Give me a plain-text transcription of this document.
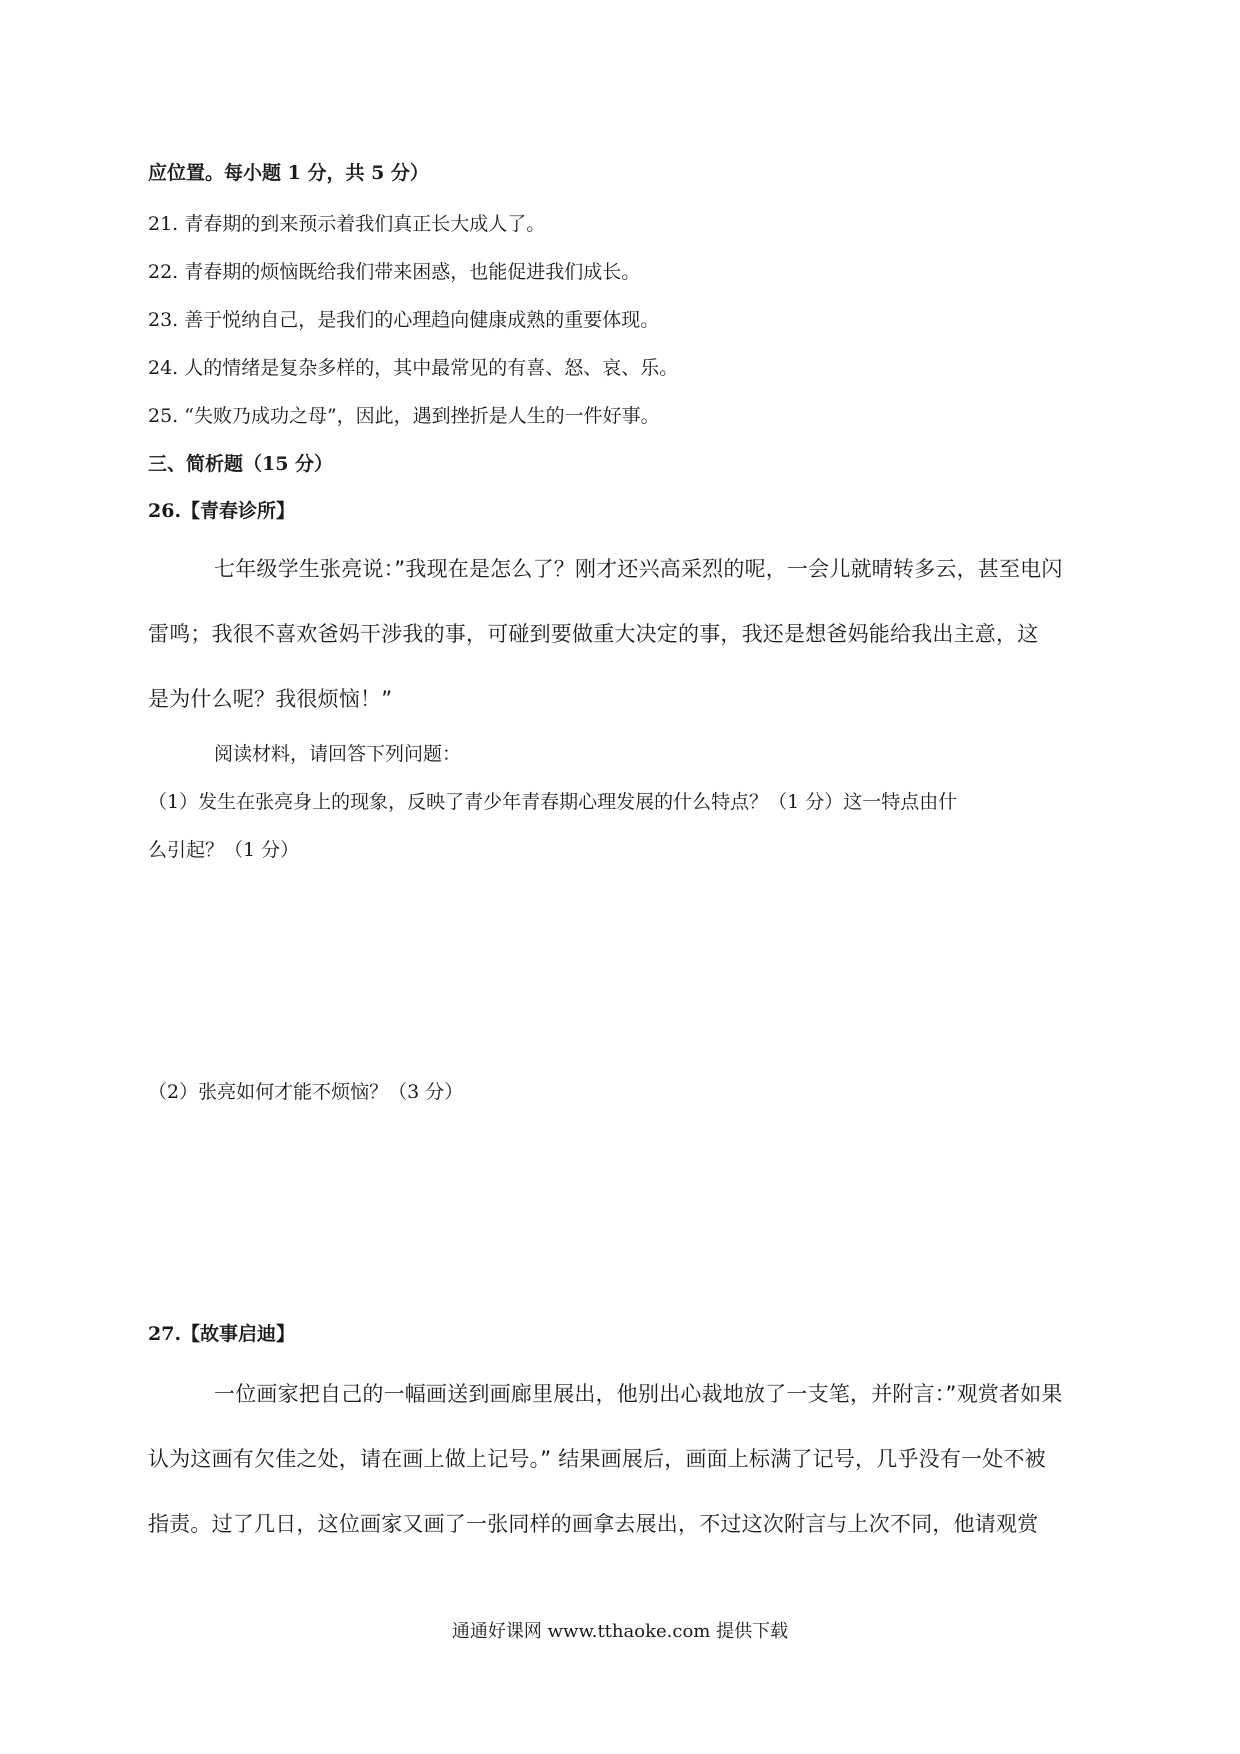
应位置。每小题 1 分，共 5 分）
21. 青春期的到来预示着我们真正长大成人了。
22. 青春期的烦恼既给我们带来困惑，也能促进我们成长。
23. 善于悦纳自己，是我们的心理趋向健康成熟的重要体现。
24. 人的情绪是复杂多样的，其中最常见的有喜、怒、哀、乐。
25. “失败乃成功之母”，因此，遇到挫折是人生的一件好事。
三、简析题（15 分）
26.【青春诊所】
七年级学生张亮说：”我现在是怎么了？刚才还兴高采烈的呢，一会儿就晴转多云，甚至电闪
雷鸣；我很不喜欢爸妈干涉我的事，可碰到要做重大决定的事，我还是想爸妈能给我出主意，这
是为什么呢？我很烦恼！”
阅读材料，请回答下列问题：
（1）发生在张亮身上的现象，反映了青少年青春期心理发展的什么特点？（1 分）这一特点由什
么引起？（1 分）
（2）张亮如何才能不烦恼？（3 分）
27.【故事启迪】
一位画家把自己的一幅画送到画廊里展出，他别出心裁地放了一支笔，并附言：”观赏者如果
认为这画有欠佳之处，请在画上做上记号。” 结果画展后，画面上标满了记号，几乎没有一处不被
指责。过了几日，这位画家又画了一张同样的画拿去展出，不过这次附言与上次不同，他请观赏
通通好课网 www.tthaoke.com 提供下载
